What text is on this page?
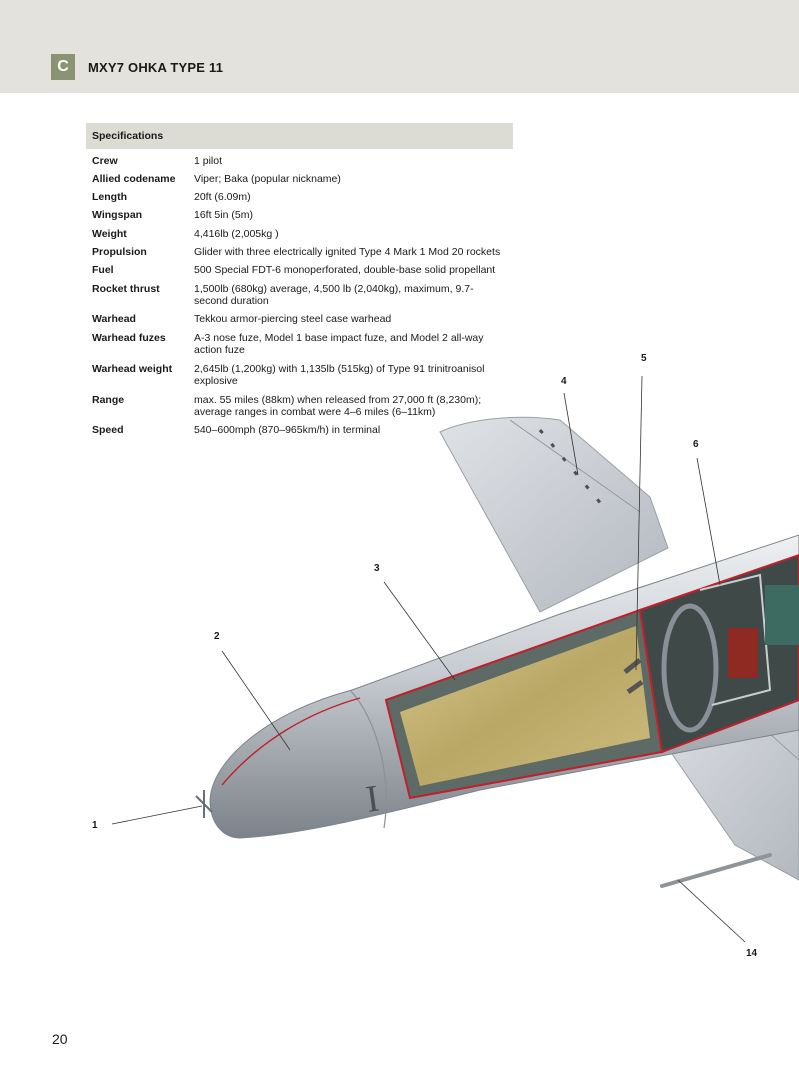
C	MXY7 OHKA TYPE 11
Specifications
Crew	1 pilot
Allied codename	Viper; Baka (popular nickname)
Length	20ft (6.09m)
Wingspan	16ft 5in (5m)
Weight	4,416lb (2,005kg )
Propulsion	Glider with three electrically ignited Type 4 Mark 1 Mod 20 rockets
Fuel	500 Special FDT-6 monoperforated, double-base solid propellant
Rocket thrust	1,500lb (680kg) average, 4,500 lb (2,040kg), maximum, 9.7-second duration
Warhead	Tekkou armor-piercing steel case warhead
Warhead fuzes	A-3 nose fuze, Model 1 base impact fuze, and Model 2 all-way action fuze
Warhead weight	2,645lb (1,200kg) with 1,135lb (515kg) of Type 91 trinitroanisol explosive
Range	max. 55 miles (88km) when released from 27,000 ft (8,230m); average ranges in combat were 4–6 miles (6–11km)
Speed	540–600mph (870–965km/h) in terminal
I
1
2
3
4
5
6
14
20
